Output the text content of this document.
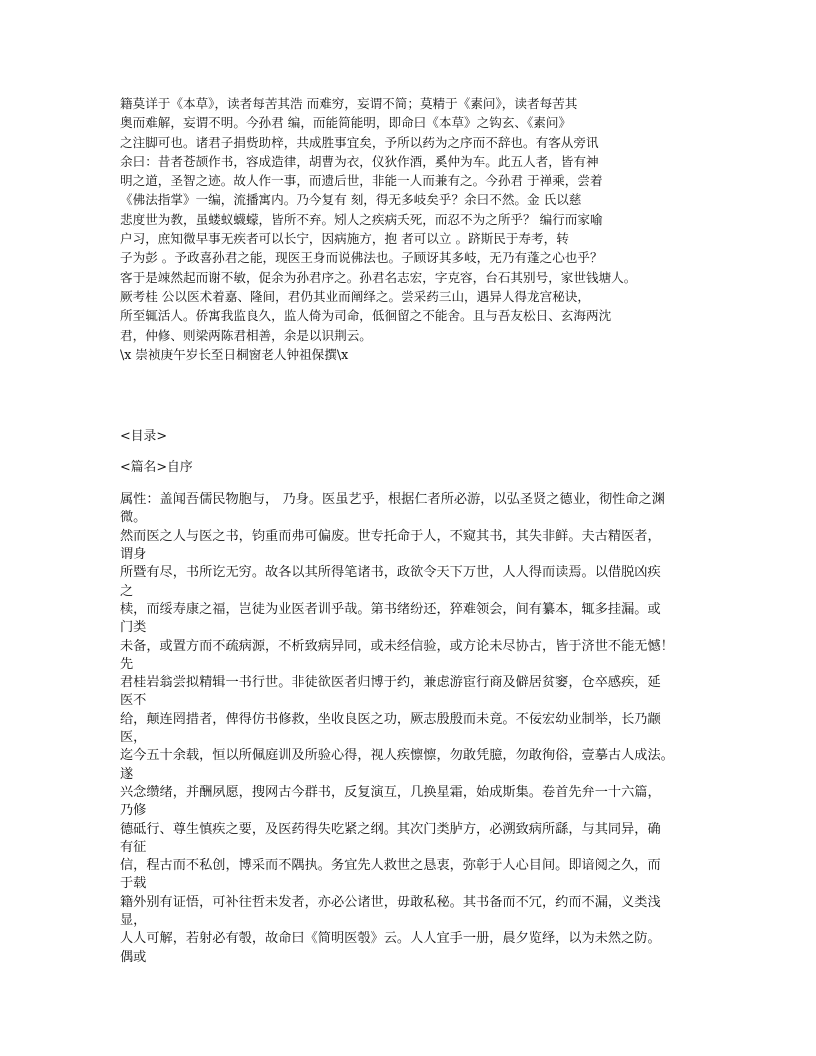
籍莫详于《本草》，读者每苦其浩 而难穷，妄谓不简；莫精于《素问》，读者每苦其

奥而难解，妄谓不明。今孙君 编，而能简能明，即命曰《本草》之钩玄、《素问》

之注脚可也。诸君子捐赀助梓，共成胜事宜矣，予所以药为之序而不辞也。有客从旁讯

余曰：昔者苍颉作书，容成造律，胡曹为衣，仪狄作酒，奚仲为车。此五人者，皆有神

明之道，圣智之迹。故人作一事，而遗后世，非能一人而兼有之。今孙君 于禅乘，尝着

《佛法指掌》一编，流播寓内。乃今复有 刻，得无多岐矣乎？余曰不然。金 氏以慈

悲度世为教，虽蝼蚁蠛蠓，皆所不弃。矧人之疾病夭死，而忍不为之所乎？ 编行而家喻

户习，庶知微早事无疾者可以长宁，因病施方，抱 者可以立 。跻斯民于寿考，转

子为彭 。予政喜孙君之能，现医王身而说佛法也。子顾讶其多岐，无乃有蓬之心也乎？

客于是竦然起而谢不敏，促余为孙君序之。孙君名志宏，字克容，台石其别号，家世钱塘人。

厥考桂 公以医术着嘉、隆间，君仍其业而阐绎之。尝采药三山，遇异人得龙宫秘诀，

所至辄活人。侨寓我监良久，监人倚为司命，低徊留之不能舍。且与吾友松日、玄海两沈

君，仲修、则梁两陈君相善，余是以识荆云。

\x 崇祯庚午岁长至日桐窗老人钟祖保撰\x

<目录>

<篇名>自序

属性：盖闻吾儒民物胞与， 乃身。医虽艺乎，根据仁者所必游，以弘圣贤之德业，彻性命之渊

微。

然而医之人与医之书，钧重而弗可偏废。世专托命于人，不窥其书，其失非鲜。夫古精医者，

谓身

所暨有尽，书所讫无穷。故各以其所得笔诸书，政欲令天下万世，人人得而读焉。以借脱凶疾

之

椟，而绥寿康之福，岂徒为业医者训乎哉。第书绪纷还，猝难领会，间有纂本，辄多挂漏。或

门类

未备，或置方而不疏病源，不析致病异同，或未经信验，或方论未尽协古，皆于济世不能无憾！

先

君桂岩翁尝拟精辑一书行世。非徒欲医者归博于约，兼虑游宦行商及僻居贫窭，仓卒感疾，延

医不

给，颠连罔措者，俾得仿书修救，坐收良医之功，厥志殷殷而未竟。不佞宏幼业制举，长乃颛

医，

迄今五十余载，恒以所佩庭训及所验心得，视人疾懔懔，勿敢凭臆，勿敢徇俗，壹摹古人成法。

遂

兴念缵绪，并酬夙愿，搜网古今群书，反复演互，几换星霜，始成斯集。卷首先弁一十六篇，

乃修

德砥行、尊生慎疾之要，及医药得失吃紧之纲。其次门类胪方，必溯致病所繇，与其同异，确

有征

信，程古而不私创，博采而不隅执。务宜先人救世之恳衷，弥彰于人心目间。即谙阅之久，而

于载

籍外别有证悟，可补往哲未发者，亦必公诸世，毋敢私秘。其书备而不冗，约而不漏，义类浅

显，

人人可解，若射必有彀，故命曰《简明医彀》云。人人宜手一册，晨夕览绎，以为未然之防。

偶或
